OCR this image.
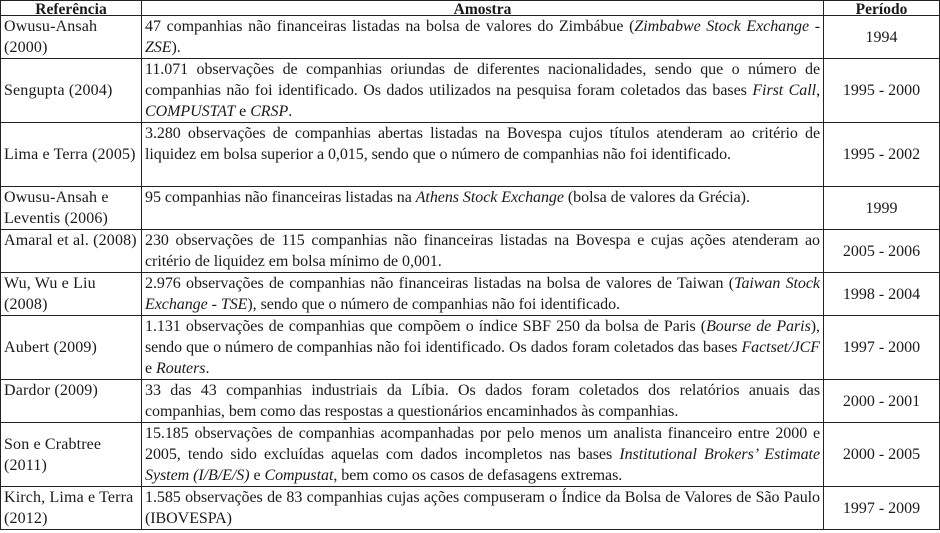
Referência	Amostra	Período
Owusu-Ansah (2000)	47 companhias não financeiras listadas na bolsa de valores do Zimbábue (Zimbabwe Stock Exchange - ZSE).	1994
Sengupta (2004)	11.071 observações de companhias oriundas de diferentes nacionalidades, sendo que o número de companhias não foi identificado. Os dados utilizados na pesquisa foram coletados das bases First Call, COMPUSTAT e CRSP.	1995 - 2000
Lima e Terra (2005)	3.280 observações de companhias abertas listadas na Bovespa cujos títulos atenderam ao critério de liquidez em bolsa superior a 0,015, sendo que o número de companhias não foi identificado.	1995 - 2002
Owusu-Ansah e Leventis (2006)	95 companhias não financeiras listadas na Athens Stock Exchange (bolsa de valores da Grécia).	1999
Amaral et al. (2008)	230 observações de 115 companhias não financeiras listadas na Bovespa e cujas ações atenderam ao critério de liquidez em bolsa mínimo de 0,001.	2005 - 2006
Wu, Wu e Liu (2008)	2.976 observações de companhias não financeiras listadas na bolsa de valores de Taiwan (Taiwan Stock Exchange - TSE), sendo que o número de companhias não foi identificado.	1998 - 2004
Aubert (2009)	1.131 observações de companhias que compõem o índice SBF 250 da bolsa de Paris (Bourse de Paris), sendo que o número de companhias não foi identificado. Os dados foram coletados das bases Factset/JCF e Routers.	1997 - 2000
Dardor (2009)	33 das 43 companhias industriais da Líbia. Os dados foram coletados dos relatórios anuais das companhias, bem como das respostas a questionários encaminhados às companhias.	2000 - 2001
Son e Crabtree (2011)	15.185 observações de companhias acompanhadas por pelo menos um analista financeiro entre 2000 e 2005, tendo sido excluídas aquelas com dados incompletos nas bases Institutional Brokers’ Estimate System (I/B/E/S) e Compustat, bem como os casos de defasagens extremas.	2000 - 2005
Kirch, Lima e Terra (2012)	1.585 observações de 83 companhias cujas ações compuseram o Índice da Bolsa de Valores de São Paulo (IBOVESPA)	1997 - 2009
